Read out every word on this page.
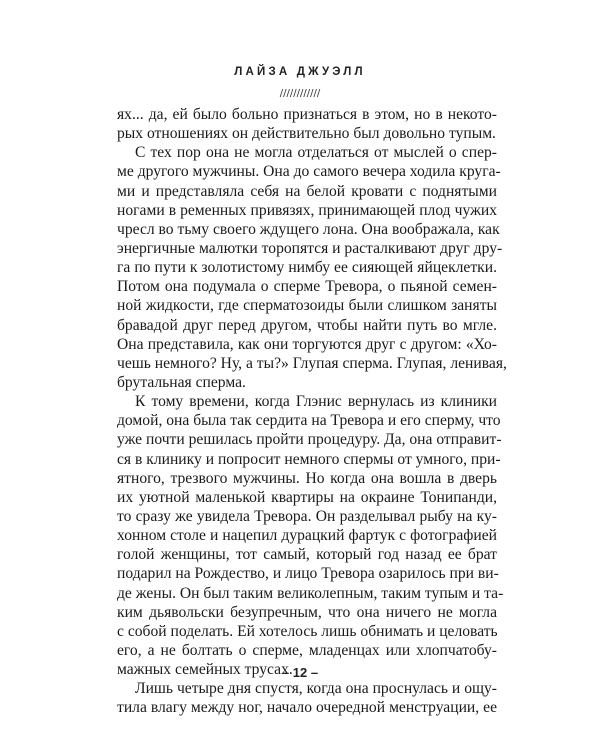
ЛАЙЗА ДЖУЭЛЛ
////////////
ях... да, ей было больно признаться в этом, но в некото-
рых отношениях он действительно был довольно тупым.
С тех пор она не могла отделаться от мыслей о спер-
ме другого мужчины. Она до самого вечера ходила круга-
ми и представляла себя на белой кровати с поднятыми
ногами в ременных привязях, принимающей плод чужих
чресл во тьму своего ждущего лона. Она воображала, как
энергичные малютки торопятся и расталкивают друг дру-
га по пути к золотистому нимбу ее сияющей яйцеклетки.
Потом она подумала о сперме Тревора, о пьяной семен-
ной жидкости, где сперматозоиды были слишком заняты
бравадой друг перед другом, чтобы найти путь во мгле.
Она представила, как они торгуются друг с другом: «Хо-
чешь немного? Ну, а ты?» Глупая сперма. Глупая, ленивая,
брутальная сперма.
К тому времени, когда Глэнис вернулась из клиники
домой, она была так сердита на Тревора и его сперму, что
уже почти решилась пройти процедуру. Да, она отправит-
ся в клинику и попросит немного спермы от умного, при-
ятного, трезвого мужчины. Но когда она вошла в дверь
их уютной маленькой квартиры на окраине Тонипанди,
то сразу же увидела Тревора. Он разделывал рыбу на ку-
хонном столе и нацепил дурацкий фартук с фотографией
голой женщины, тот самый, который год назад ее брат
подарил на Рождество, и лицо Тревора озарилось при ви-
де жены. Он был таким великолепным, таким тупым и та-
ким дьявольски безупречным, что она ничего не могла
с собой поделать. Ей хотелось лишь обнимать и целовать
его, а не болтать о сперме, младенцах или хлопчатобу-
мажных семейных трусах.
Лишь четыре дня спустя, когда она проснулась и ощу-
тила влагу между ног, начало очередной менструации, ее
– 12 –
